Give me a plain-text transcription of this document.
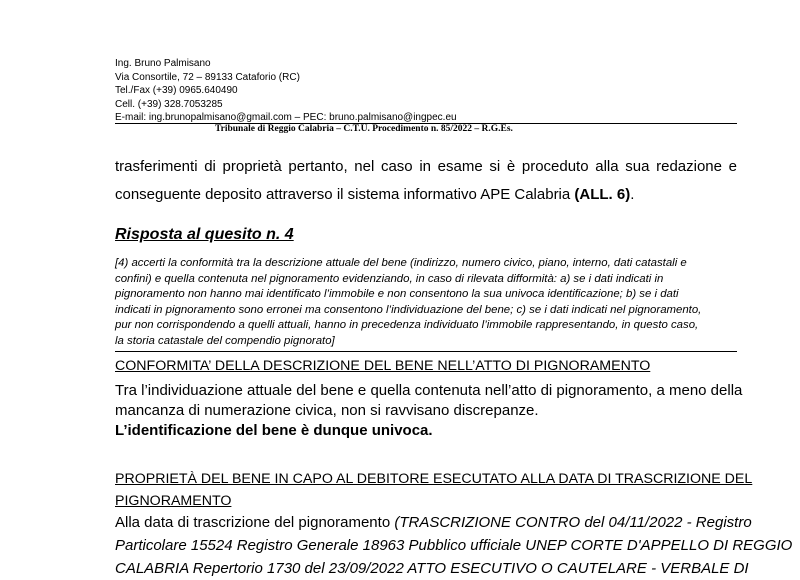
Ing. Bruno Palmisano
Via Consortile, 72 – 89133 Cataforio (RC)
Tel./Fax (+39) 0965.640490
Cell. (+39) 328.7053285
E-mail: ing.brunopalmisano@gmail.com – PEC: bruno.palmisano@ingpec.eu
Tribunale di Reggio Calabria – C.T.U. Procedimento n. 85/2022 – R.G.Es.
trasferimenti di proprietà pertanto, nel caso in esame si è proceduto alla sua redazione e
conseguente deposito attraverso il sistema informativo APE Calabria (ALL. 6).
Risposta al quesito n. 4
[4) accerti la conformità tra la descrizione attuale del bene (indirizzo, numero civico, piano, interno, dati catastali e
confini) e quella contenuta nel pignoramento evidenziando, in caso di rilevata difformità: a) se i dati indicati in
pignoramento non hanno mai identificato l’immobile e non consentono la sua univoca identificazione; b) se i dati
indicati in pignoramento sono erronei ma consentono l’individuazione del bene; c) se i dati indicati nel pignoramento,
pur non corrispondendo a quelli attuali, hanno in precedenza individuato l’immobile rappresentando, in questo caso,
la storia catastale del compendio pignorato]
CONFORMITA’ DELLA DESCRIZIONE DEL BENE NELL’ATTO DI PIGNORAMENTO
Tra l’individuazione attuale del bene e quella contenuta nell’atto di pignoramento, a meno della
mancanza di numerazione civica, non si ravvisano discrepanze.
L’identificazione del bene è dunque univoca.
PROPRIETÀ DEL BENE IN CAPO AL DEBITORE ESECUTATO ALLA DATA DI TRASCRIZIONE DEL
PIGNORAMENTO
Alla data di trascrizione del pignoramento (TRASCRIZIONE CONTRO del 04/11/2022 - Registro
Particolare 15524 Registro Generale 18963 Pubblico ufficiale UNEP CORTE D'APPELLO DI REGGIO
CALABRIA Repertorio 1730 del 23/09/2022 ATTO ESECUTIVO O CAUTELARE - VERBALE DI
